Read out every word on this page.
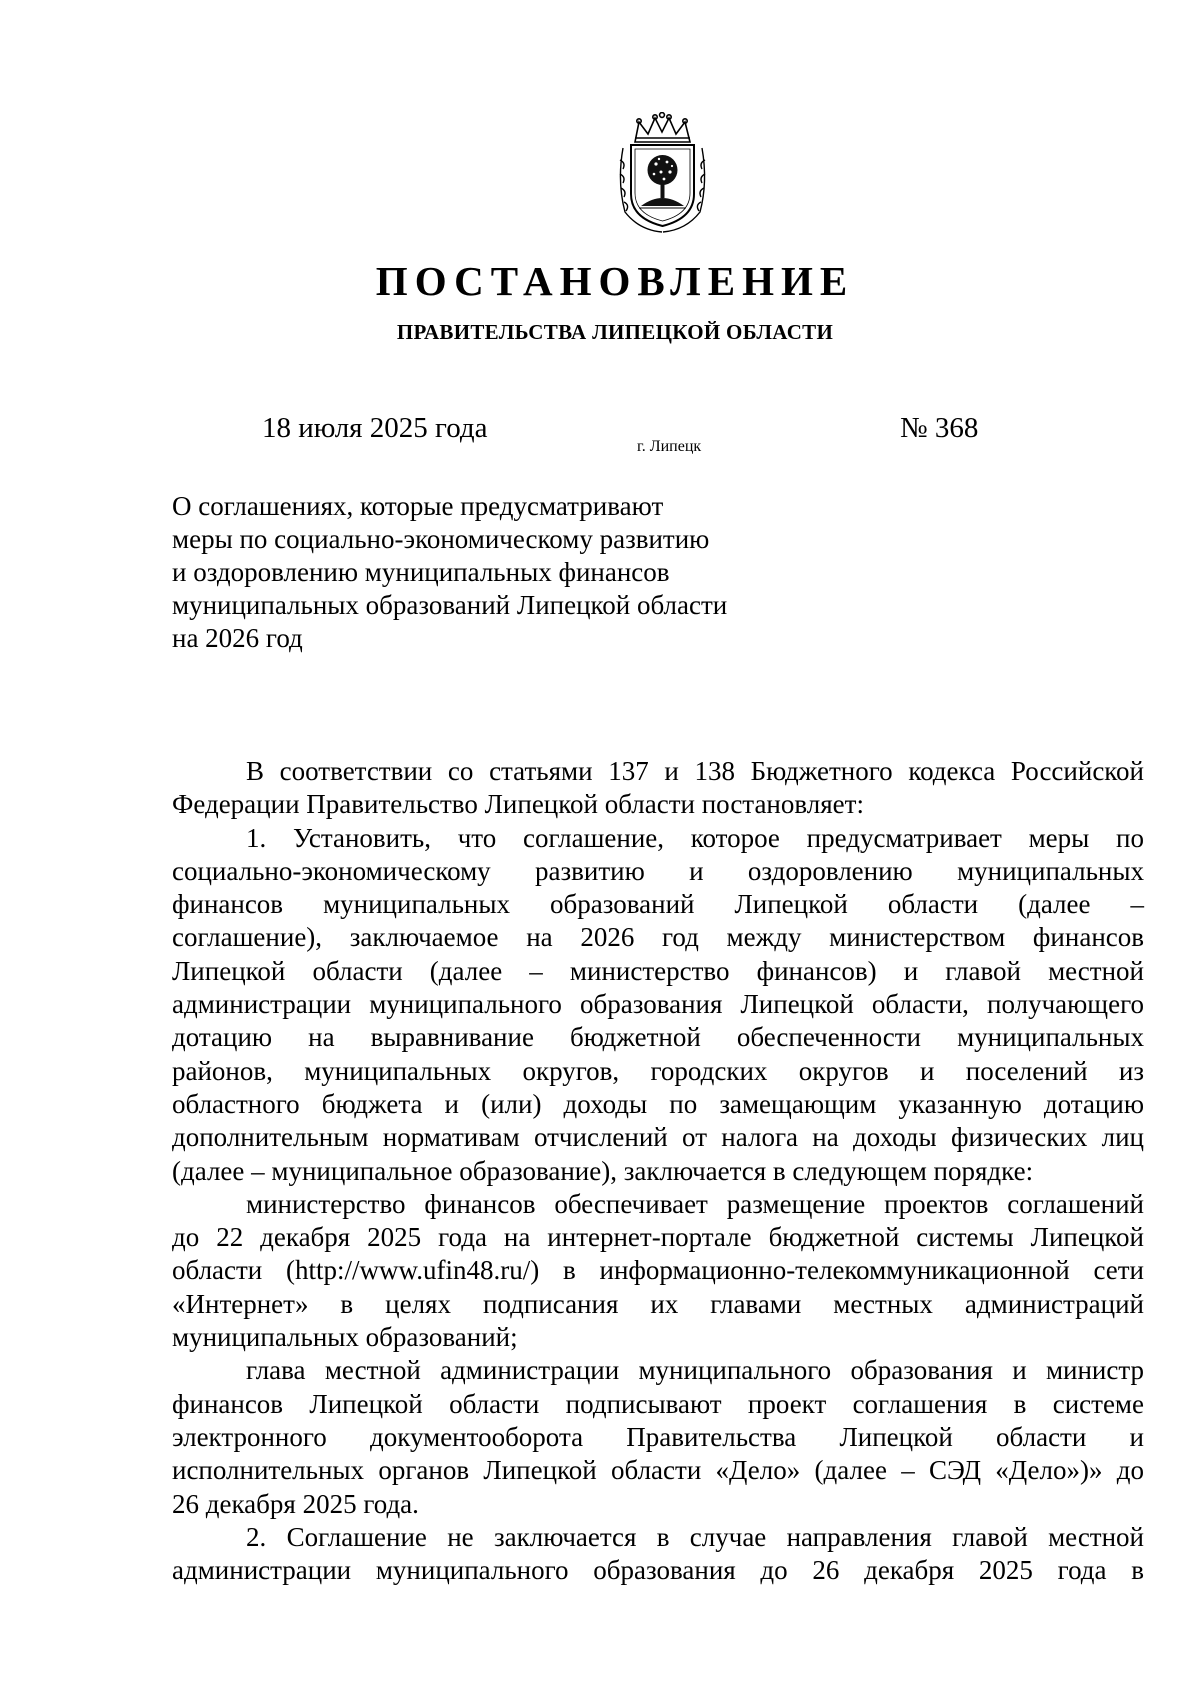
ПОСТАНОВЛЕНИЕ
ПРАВИТЕЛЬСТВА ЛИПЕЦКОЙ ОБЛАСТИ
18 июля 2025 года
г. Липецк
№ 368
О соглашениях, которые предусматривают
меры по социально-экономическому развитию
и оздоровлению муниципальных финансов
муниципальных образований Липецкой области
на 2026 год
В соответствии со статьями 137 и 138 Бюджетного кодекса Российской
Федерации Правительство Липецкой области постановляет:
1. Установить, что соглашение, которое предусматривает меры по
социально-экономическому развитию и оздоровлению муниципальных
финансов муниципальных образований Липецкой области (далее –
соглашение), заключаемое на 2026 год между министерством финансов
Липецкой области (далее – министерство финансов) и главой местной
администрации муниципального образования Липецкой области, получающего
дотацию на выравнивание бюджетной обеспеченности муниципальных
районов, муниципальных округов, городских округов и поселений из
областного бюджета и (или) доходы по замещающим указанную дотацию
дополнительным нормативам отчислений от налога на доходы физических лиц
(далее – муниципальное образование), заключается в следующем порядке:
министерство финансов обеспечивает размещение проектов соглашений
до 22 декабря 2025 года на интернет-портале бюджетной системы Липецкой
области (http://www.ufin48.ru/) в информационно-телекоммуникационной сети
«Интернет» в целях подписания их главами местных администраций
муниципальных образований;
глава местной администрации муниципального образования и министр
финансов Липецкой области подписывают проект соглашения в системе
электронного документооборота Правительства Липецкой области и
исполнительных органов Липецкой области «Дело» (далее – СЭД «Дело»)» до
26 декабря 2025 года.
2. Соглашение не заключается в случае направления главой местной
администрации муниципального образования до 26 декабря 2025 года в
